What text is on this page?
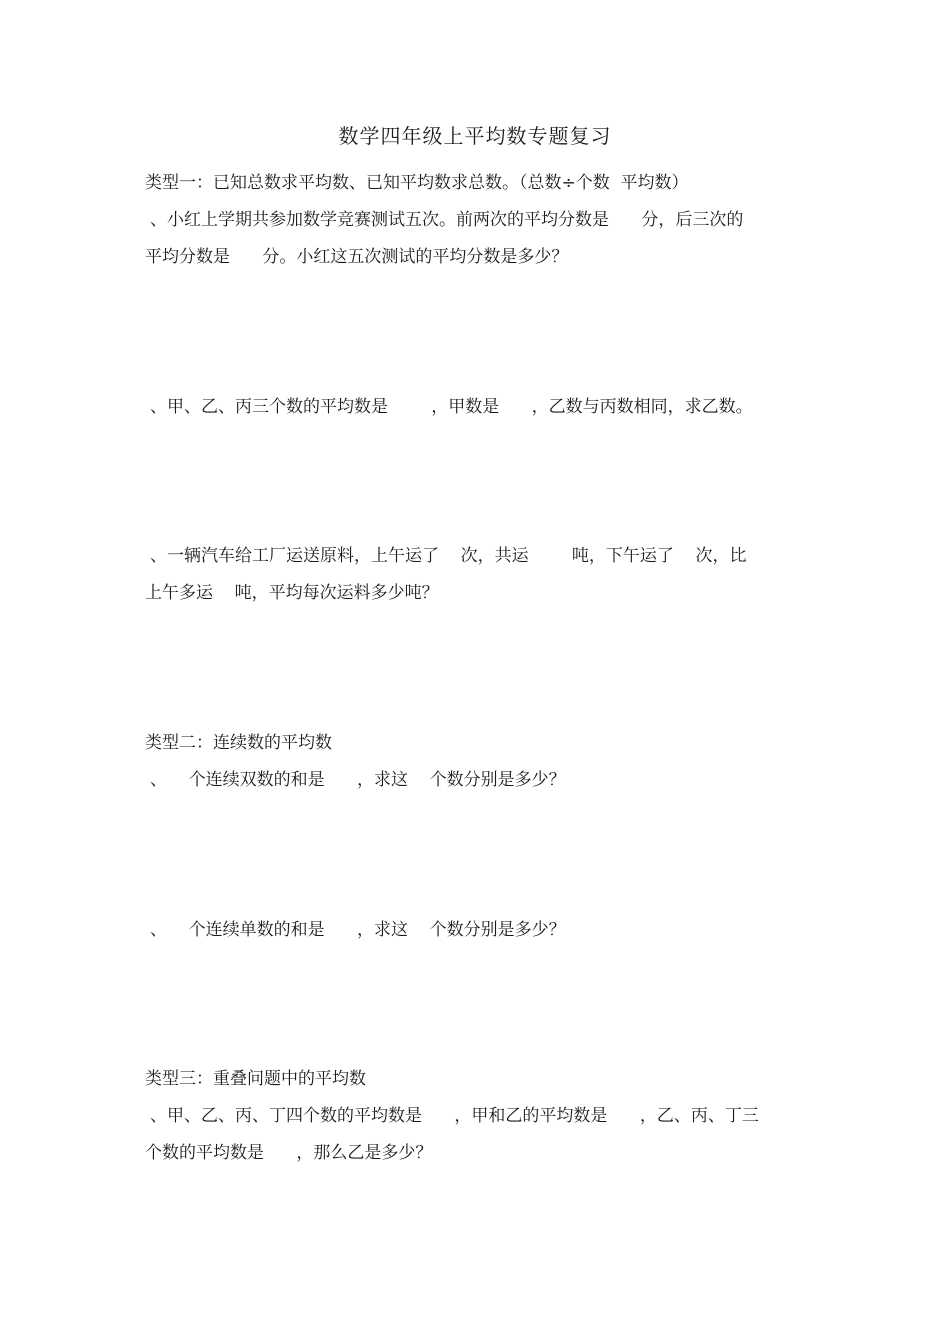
数学四年级上平均数专题复习
类型一：已知总数求平均数、已知平均数求总数。（总数÷个数  平均数）
、小红上学期共参加数学竞赛测试五次。前两次的平均分数是      分，后三次的
平均分数是      分。小红这五次测试的平均分数是多少？
、甲、乙、丙三个数的平均数是        ，甲数是      ，乙数与丙数相同，求乙数。
、一辆汽车给工厂运送原料，上午运了    次，共运        吨，下午运了    次，比
上午多运    吨，平均每次运料多少吨？
类型二：连续数的平均数
、    个连续双数的和是      ，求这    个数分别是多少？
、    个连续单数的和是      ，求这    个数分别是多少？
类型三：重叠问题中的平均数
、甲、乙、丙、丁四个数的平均数是      ，甲和乙的平均数是      ，乙、丙、丁三
个数的平均数是      ，那么乙是多少？
